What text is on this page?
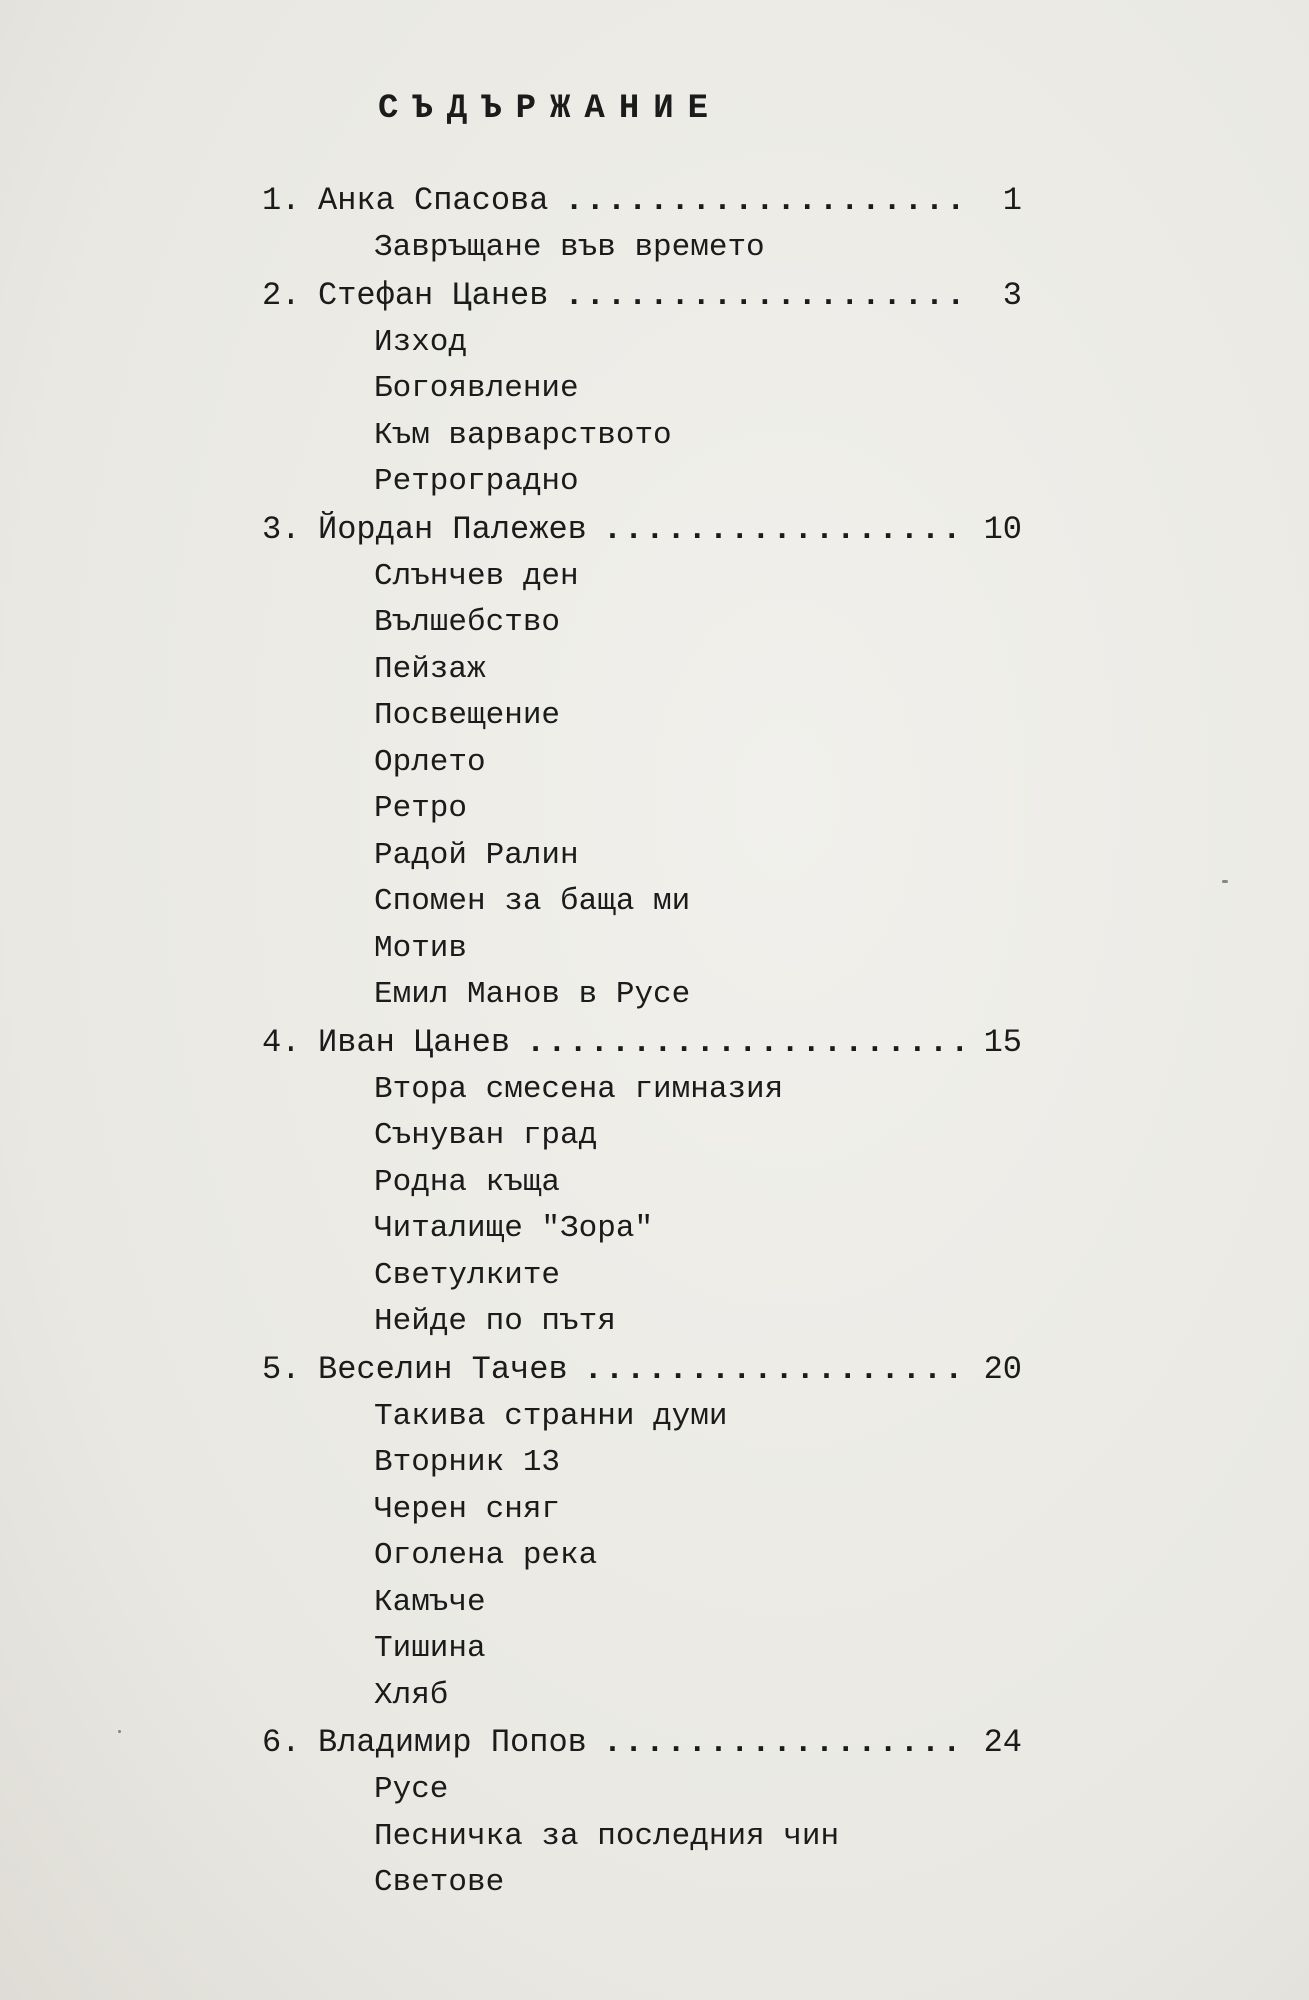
СЪДЪРЖАНИЕ
1. Анка Спасова .....	1
Завръщане във времето
2. Стефан Цанев .....	3
Изход
Богоявление
Към варварството
Ретроградно
3. Йордан Палежев .....	10
Слънчев ден
Вълшебство
Пейзаж
Посвещение
Орлето
Ретро
Радой Ралин
Спомен за баща ми
Мотив
Емил Манов в Русе
4. Иван Цанев .....	15
Втора смесена гимназия
Сънуван град
Родна къща
Читалище "Зора"
Светулките
Нейде по пътя
5. Веселин Тачев .....	20
Такива странни думи
Вторник 13
Черен сняг
Оголена река
Камъче
Тишина
Хляб
6. Владимир Попов .....	24
Русе
Песничка за последния чин
Светове
